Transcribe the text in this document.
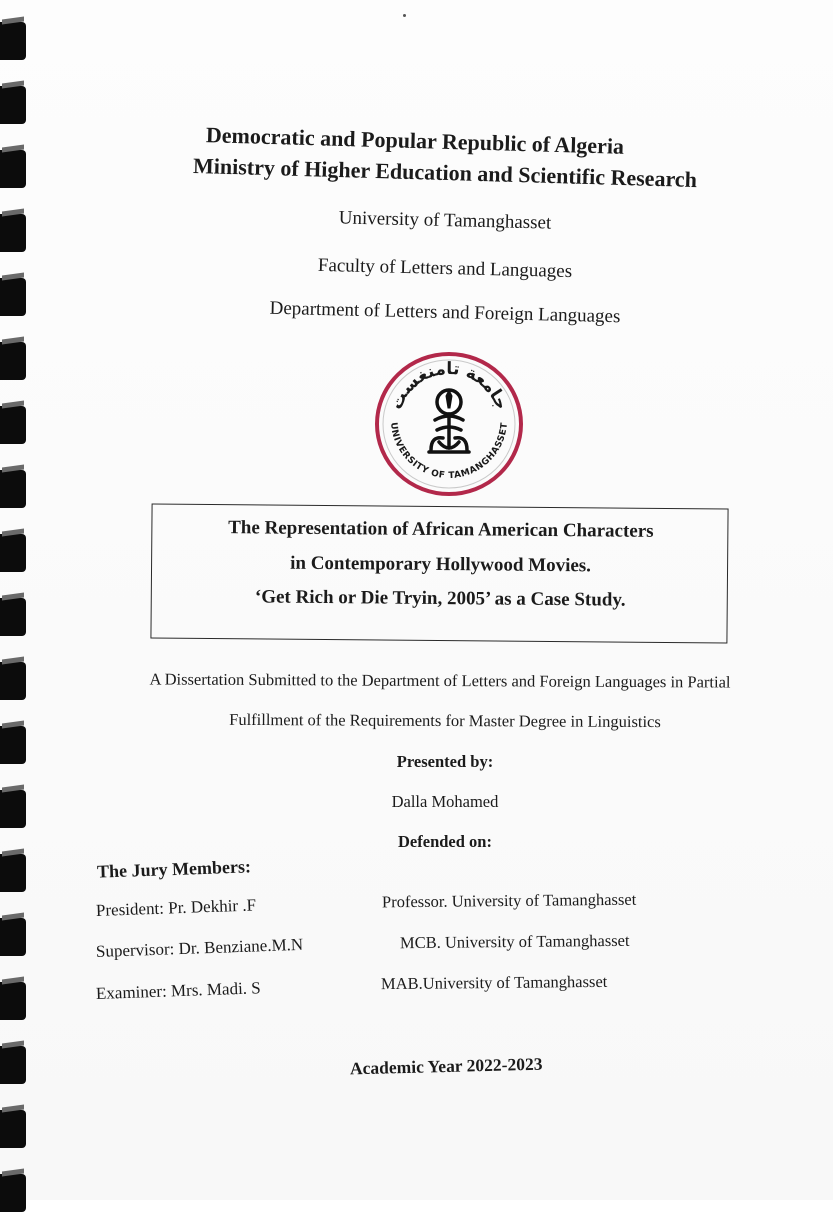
Democratic and Popular Republic of Algeria
Ministry of Higher Education and Scientific Research
University of Tamanghasset
Faculty of Letters and Languages
Department of Letters and Foreign Languages
جامعة تامنغست
UNIVERSITY OF TAMANGHASSET
The Representation of African American Characters
in Contemporary Hollywood Movies.
‘Get Rich or Die Tryin, 2005’ as a Case Study.
A Dissertation Submitted to the Department of Letters and Foreign Languages in Partial
Fulfillment of the Requirements for Master Degree in Linguistics
Presented by:
Dalla Mohamed
Defended on:
The Jury Members:
President: Pr. Dekhir .F	Professor. University of Tamanghasset
Supervisor: Dr. Benziane.M.N	MCB. University of Tamanghasset
Examiner: Mrs. Madi. S	MAB.University of Tamanghasset
Academic Year 2022-2023
